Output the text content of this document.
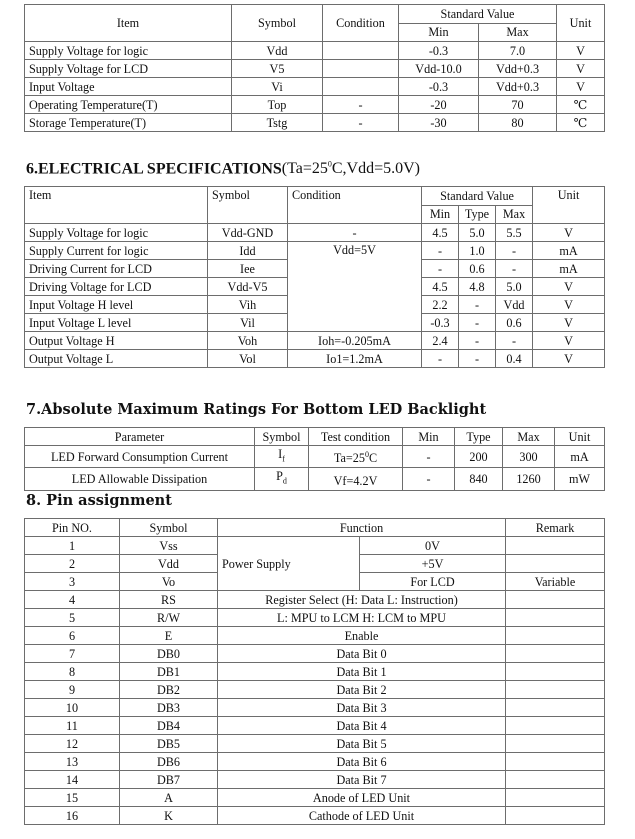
Item	Symbol	Condition	Standard Value		Unit
			Min	Max	
Supply Voltage for logic	Vdd		-0.3	7.0	V
Supply Voltage for LCD	V5		Vdd-10.0	Vdd+0.3	V
Input Voltage	Vi		-0.3	Vdd+0.3	V
Operating Temperature(T)	Top	-	-20	70	℃
Storage Temperature(T)	Tstg	-	-30	80	℃
6.ELECTRICAL $SPECIFICATIONS(Ta=25^0C,Vdd=5.0V)$
Item	Symbol	Condition	Standard Value			Unit
			Min	Type	Max	
Supply Voltage for logic	Vdd-GND	-	4.5	5.0	5.5	V
Supply Current for logic	Idd	Vdd=5V	-	1.0	-	mA
Driving Current for LCD	Iee		-	0.6	-	mA
Driving Voltage for LCD	Vdd-V5		4.5	4.8	5.0	V
Input Voltage H level	Vih		2.2	-	Vdd	V
Input Voltage L level	Vil		-0.3	-	0.6	V
Output Voltage H	Voh	Ioh=-0.205mA	2.4	-	-	V
Output Voltage L	Vol	Io1=1.2mA	-	-	0.4	V
7.Absolute Maximum Ratings For Bottom LED Backlight
Parameter	Symbol	Test condition	Min	Type	Max	Unit
LED Forward Consumption Current	$I_f$	$Ta=25^0C$	-	200	300	mA
LED Allowable Dissipation	$P_d$	Vf=4.2V	-	840	1260	mW
8. Pin assignment
Pin NO.	Symbol	Function		Remark
1	Vss	Power Supply	0V	
2	Vdd		+5V	
3	Vo		For LCD	Variable
4	RS	Register Select (H: Data L: Instruction)		
5	R/W	L: MPU to LCM H: LCM to MPU		
6	E	Enable		
7	DB0	Data Bit 0		
8	DB1	Data Bit 1		
9	DB2	Data Bit 2		
10	DB3	Data Bit 3		
11	DB4	Data Bit 4		
12	DB5	Data Bit 5		
13	DB6	Data Bit 6		
14	DB7	Data Bit 7		
15	A	Anode of LED Unit		
16	K	Cathode of LED Unit		
